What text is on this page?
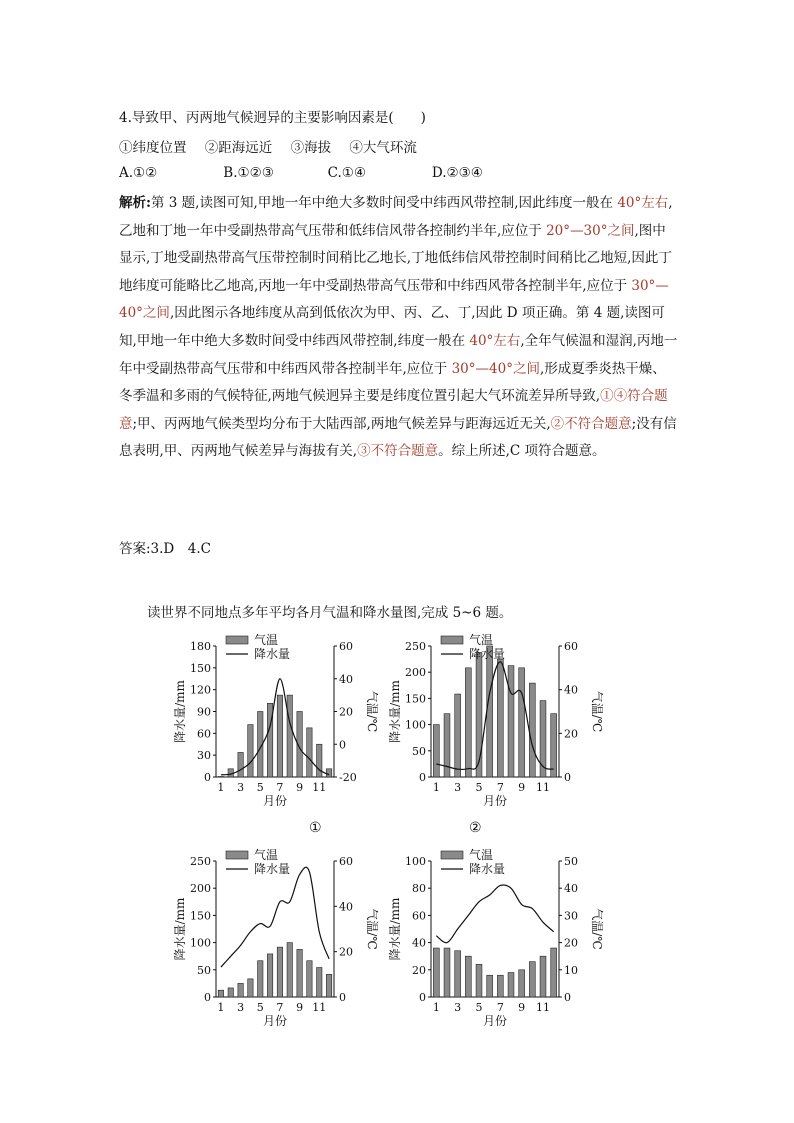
4.导致甲、丙两地气候迥异的主要影响因素是(　　)
①纬度位置 ②距海远近 ③海拔 ④大气环流
A.①②	B.①②③	C.①④	D.②③④
解析:第 3 题,读图可知,甲地一年中绝大多数时间受中纬西风带控制,因此纬度一般在 40°左右,乙地和丁地一年中受副热带高气压带和低纬信风带各控制约半年,应位于 20°—30°之间,图中显示,丁地受副热带高气压带控制时间稍比乙地长,丁地低纬信风带控制时间稍比乙地短,因此丁地纬度可能略比乙地高,丙地一年中受副热带高气压带和中纬西风带各控制半年,应位于 30°—40°之间,因此图示各地纬度从高到低依次为甲、丙、乙、丁,因此 D 项正确。第 4 题,读图可知,甲地一年中绝大多数时间受中纬西风带控制,纬度一般在 40°左右,全年气候温和湿润,丙地一年中受副热带高气压带和中纬西风带各控制半年,应位于 30°—40°之间,形成夏季炎热干燥、冬季温和多雨的气候特征,两地气候迥异主要是纬度位置引起大气环流差异所导致,①④符合题意;甲、丙两地气候类型均分布于大陆西部,两地气候差异与距海远近无关,②不符合题意;没有信息表明,甲、丙两地气候差异与海拔有关,③不符合题意。综上所述,C 项符合题意。
答案:3.D　4.C
读世界不同地点多年平均各月气温和降水量图,完成 5~6 题。
0
30
60
90
120
150
180
-20
0
20
40
60
1 3 5 7 9 11
月份
降水量/mm	气温/℃
气温
降水量
0
50
100
150
200
250
0
20
40
60
1 3 5 7 9 11
月份
降水量/mm	气温/℃
气温
降水量
0
50
100
150
200
250
0
20
40
60
1 3 5 7 9 11
月份
降水量/mm	气温/℃
气温
降水量
0
20
40
60
80
100
0
10
20
30
40
50
1 3 5 7 9 11
月份
降水量/mm	气温/℃
气温
降水量
①	②
